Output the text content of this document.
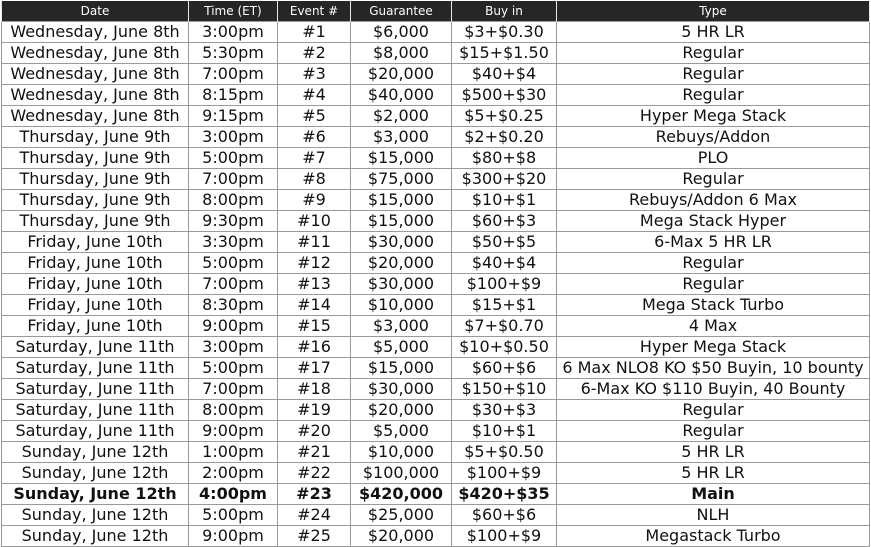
Date	Time (ET)	Event #	Guarantee	Buy in	Type
Wednesday, June 8th	3:00pm	#1	$6,000	$3+$0.30	5 HR LR
Wednesday, June 8th	5:30pm	#2	$8,000	$15+$1.50	Regular
Wednesday, June 8th	7:00pm	#3	$20,000	$40+$4	Regular
Wednesday, June 8th	8:15pm	#4	$40,000	$500+$30	Regular
Wednesday, June 8th	9:15pm	#5	$2,000	$5+$0.25	Hyper Mega Stack
Thursday, June 9th	3:00pm	#6	$3,000	$2+$0.20	Rebuys/Addon
Thursday, June 9th	5:00pm	#7	$15,000	$80+$8	PLO
Thursday, June 9th	7:00pm	#8	$75,000	$300+$20	Regular
Thursday, June 9th	8:00pm	#9	$15,000	$10+$1	Rebuys/Addon 6 Max
Thursday, June 9th	9:30pm	#10	$15,000	$60+$3	Mega Stack Hyper
Friday, June 10th	3:30pm	#11	$30,000	$50+$5	6-Max 5 HR LR
Friday, June 10th	5:00pm	#12	$20,000	$40+$4	Regular
Friday, June 10th	7:00pm	#13	$30,000	$100+$9	Regular
Friday, June 10th	8:30pm	#14	$10,000	$15+$1	Mega Stack Turbo
Friday, June 10th	9:00pm	#15	$3,000	$7+$0.70	4 Max
Saturday, June 11th	3:00pm	#16	$5,000	$10+$0.50	Hyper Mega Stack
Saturday, June 11th	5:00pm	#17	$15,000	$60+$6	6 Max NLO8 KO $50 Buyin, 10 bounty
Saturday, June 11th	7:00pm	#18	$30,000	$150+$10	6-Max KO $110 Buyin, 40 Bounty
Saturday, June 11th	8:00pm	#19	$20,000	$30+$3	Regular
Saturday, June 11th	9:00pm	#20	$5,000	$10+$1	Regular
Sunday, June 12th	1:00pm	#21	$10,000	$5+$0.50	5 HR LR
Sunday, June 12th	2:00pm	#22	$100,000	$100+$9	5 HR LR
Sunday, June 12th	4:00pm	#23	$420,000	$420+$35	Main
Sunday, June 12th	5:00pm	#24	$25,000	$60+$6	NLH
Sunday, June 12th	9:00pm	#25	$20,000	$100+$9	Megastack Turbo
